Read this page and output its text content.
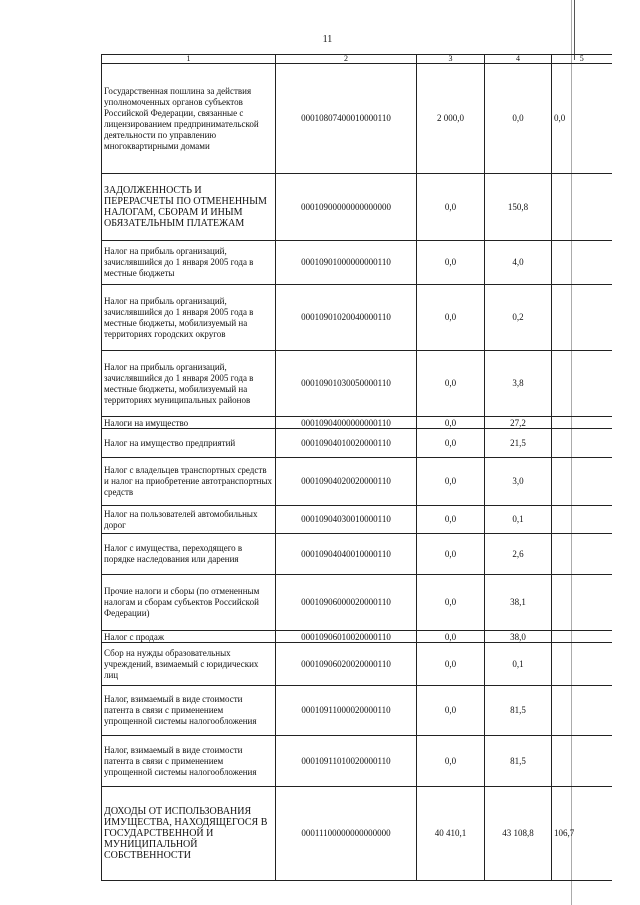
11
1	2	3	4	5
Государственная пошлина за действия уполномоченных органов субъектов Российской Федерации, связанные с лицензированием предпринимательской деятельности по управлению многоквартирными домами	00010807400010000110	2 000,0	0,0	0,0
ЗАДОЛЖЕННОСТЬ И ПЕРЕРАСЧЕТЫ ПО ОТМЕНЕННЫМ НАЛОГАМ, СБОРАМ И ИНЫМ ОБЯЗАТЕЛЬНЫМ ПЛАТЕЖАМ	00010900000000000000	0,0	150,8	
Налог на прибыль организаций, зачислявшийся до 1 января 2005 года в местные бюджеты	00010901000000000110	0,0	4,0	
Налог на прибыль организаций, зачислявшийся до 1 января 2005 года в местные бюджеты, мобилизуемый на территориях городских округов	00010901020040000110	0,0	0,2	
Налог на прибыль организаций, зачислявшийся до 1 января 2005 года в местные бюджеты, мобилизуемый на территориях муниципальных районов	00010901030050000110	0,0	3,8	
Налоги на имущество	00010904000000000110	0,0	27,2	
Налог на имущество предприятий	00010904010020000110	0,0	21,5	
Налог с владельцев транспортных средств и налог на приобретение автотранспортных средств	00010904020020000110	0,0	3,0	
Налог на пользователей автомобильных дорог	00010904030010000110	0,0	0,1	
Налог с имущества, переходящего в порядке наследования или дарения	00010904040010000110	0,0	2,6	
Прочие налоги и сборы (по отмененным налогам и сборам субъектов Российской Федерации)	00010906000020000110	0,0	38,1	
Налог с продаж	00010906010020000110	0,0	38,0	
Сбор на нужды образовательных учреждений, взимаемый с юридических лиц	00010906020020000110	0,0	0,1	
Налог, взимаемый в виде стоимости патента в связи с применением упрощенной системы налогообложения	00010911000020000110	0,0	81,5	
Налог, взимаемый в виде стоимости патента в связи с применением упрощенной системы налогообложения	00010911010020000110	0,0	81,5	
ДОХОДЫ ОТ ИСПОЛЬЗОВАНИЯ ИМУЩЕСТВА, НАХОДЯЩЕГОСЯ В ГОСУДАРСТВЕННОЙ И МУНИЦИПАЛЬНОЙ СОБСТВЕННОСТИ	00011100000000000000	40 410,1	43 108,8	106,7
